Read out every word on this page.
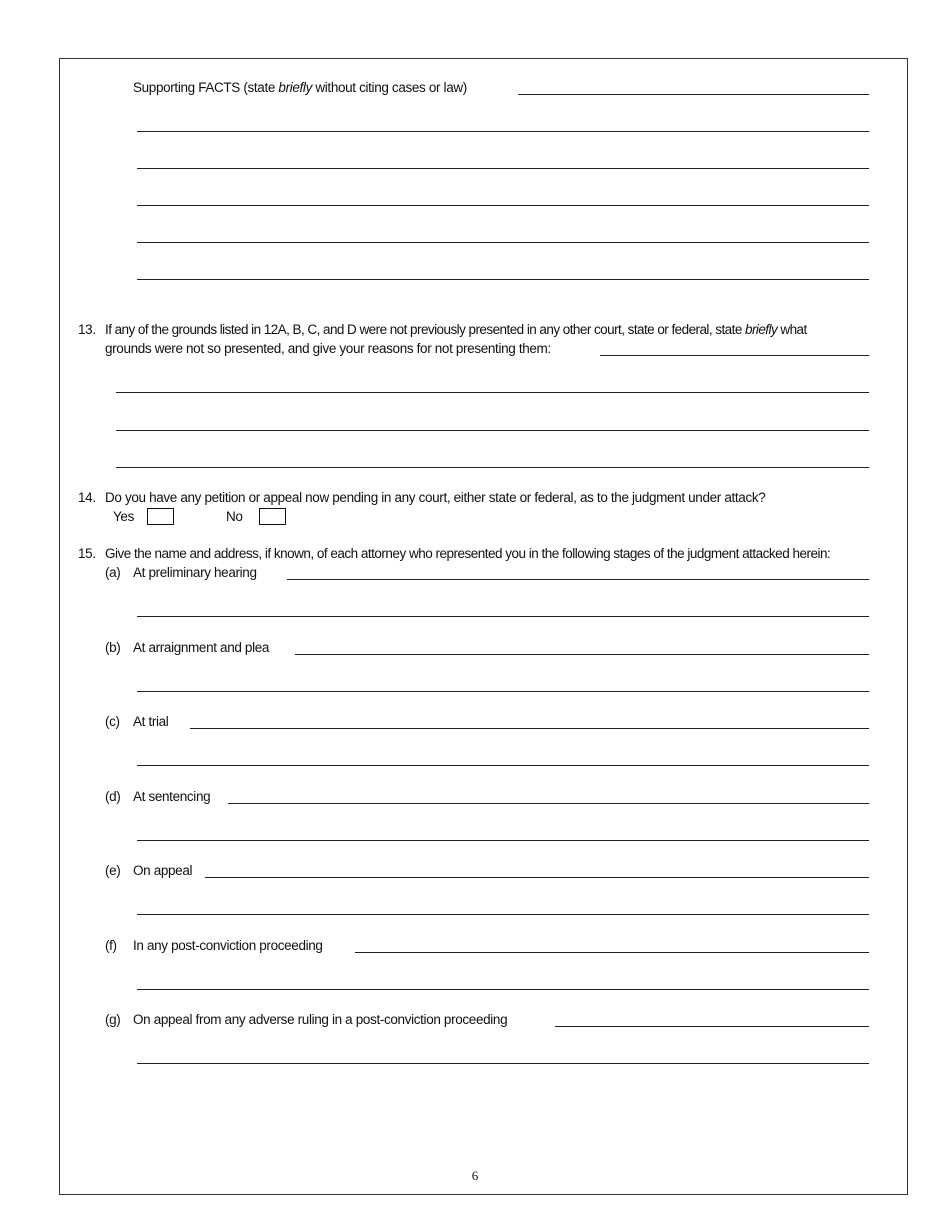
Supporting FACTS (state briefly without citing cases or law)
13. If any of the grounds listed in 12A, B, C, and D were not previously presented in any other court, state or federal, state briefly what
grounds were not so presented, and give your reasons for not presenting them:
14. Do you have any petition or appeal now pending in any court, either state or federal, as to the judgment under attack?
Yes	No
15. Give the name and address, if known, of each attorney who represented you in the following stages of the judgment attacked herein:
(a) At preliminary hearing
(b) At arraignment and plea
(c) At trial
(d) At sentencing
(e) On appeal
(f) In any post-conviction proceeding
(g) On appeal from any adverse ruling in a post-conviction proceeding
6
